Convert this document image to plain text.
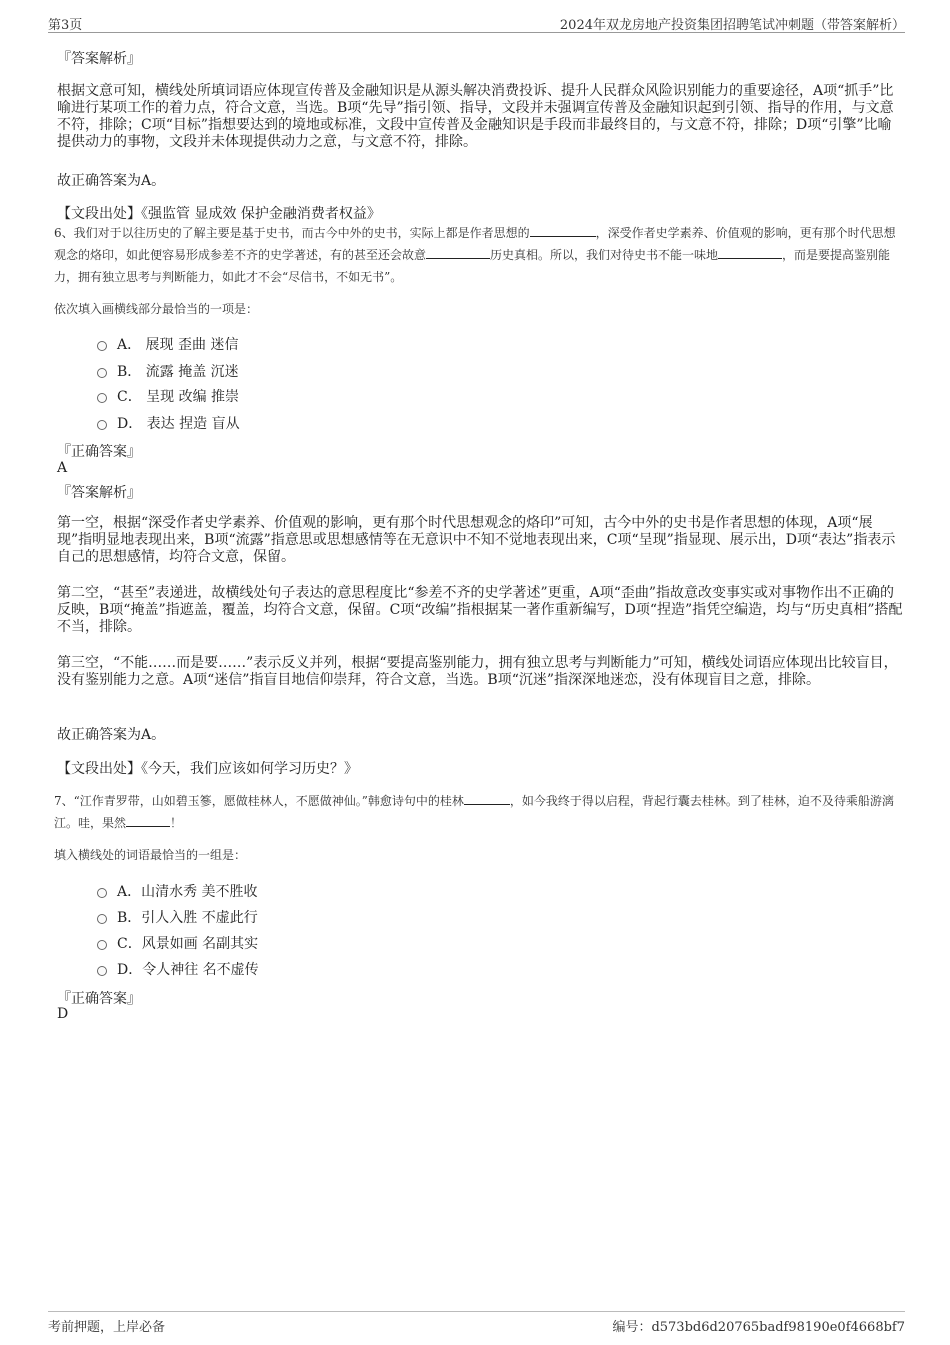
第3页	2024年双龙房地产投资集团招聘笔试冲刺题（带答案解析）
『答案解析』
根据文意可知，横线处所填词语应体现宣传普及金融知识是从源头解决消费投诉、提升人民群众风险识别能力的重要途径，A项“抓手”比喻进行某项工作的着力点，符合文意，当选。B项“先导”指引领、指导，文段并未强调宣传普及金融知识起到引领、指导的作用，与文意不符，排除；C项“目标”指想要达到的境地或标准，文段中宣传普及金融知识是手段而非最终目的，与文意不符，排除；D项“引擎”比喻提供动力的事物，文段并未体现提供动力之意，与文意不符，排除。
故正确答案为A。
【文段出处】《强监管 显成效 保护金融消费者权益》
6、我们对于以往历史的了解主要是基于史书，而古今中外的史书，实际上都是作者思想的	，深受作者史学素养、价值观的影响，更有那个时代思想观念的烙印，如此便容易形成参差不齐的史学著述，有的甚至还会故意	历史真相。所以，我们对待史书不能一味地	，而是要提高鉴别能力，拥有独立思考与判断能力，如此才不会“尽信书，不如无书”。
依次填入画横线部分最恰当的一项是：
A． 展现 歪曲 迷信
B． 流露 掩盖 沉迷
C． 呈现 改编 推崇
D． 表达 捏造 盲从
『正确答案』
A
『答案解析』
第一空，根据“深受作者史学素养、价值观的影响，更有那个时代思想观念的烙印”可知，古今中外的史书是作者思想的体现，A项“展现”指明显地表现出来，B项“流露”指意思或思想感情等在无意识中不知不觉地表现出来，C项“呈现”指显现、展示出，D项“表达”指表示自己的思想感情，均符合文意，保留。
第二空，“甚至”表递进，故横线处句子表达的意思程度比“参差不齐的史学著述”更重，A项“歪曲”指故意改变事实或对事物作出不正确的反映，B项“掩盖”指遮盖，覆盖，均符合文意，保留。C项“改编”指根据某一著作重新编写，D项“捏造”指凭空编造，均与“历史真相”搭配不当，排除。
第三空，“不能……而是要……”表示反义并列，根据“要提高鉴别能力，拥有独立思考与判断能力”可知，横线处词语应体现出比较盲目，没有鉴别能力之意。A项“迷信”指盲目地信仰崇拜，符合文意，当选。B项“沉迷”指深深地迷恋，没有体现盲目之意，排除。
故正确答案为A。
【文段出处】《今天，我们应该如何学习历史？》
7、“江作青罗带，山如碧玉篸，愿做桂林人，不愿做神仙。”韩愈诗句中的桂林	，如今我终于得以启程，背起行囊去桂林。到了桂林，迫不及待乘船游漓江。哇，果然	！
填入横线处的词语最恰当的一组是：
A．山清水秀 美不胜收
B．引人入胜 不虚此行
C．风景如画 名副其实
D．令人神往 名不虚传
『正确答案』
D
考前押题，上岸必备	编号：d573bd6d20765badf98190e0f4668bf7
